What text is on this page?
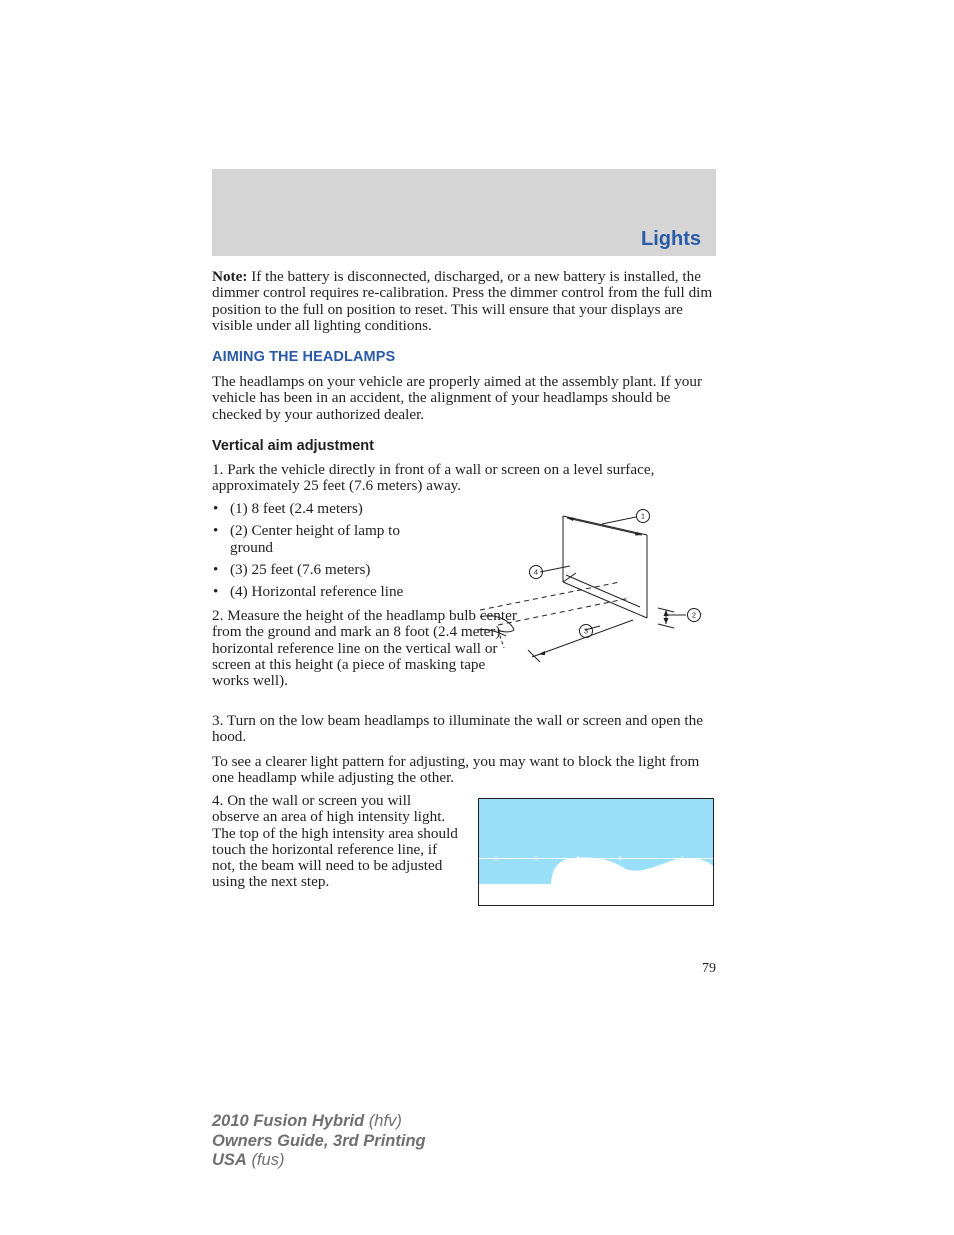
Lights
Note: If the battery is disconnected, discharged, or a new battery is installed, the dimmer control requires re-calibration. Press the dimmer control from the full dim position to the full on position to reset. This will ensure that your displays are visible under all lighting conditions.
AIMING THE HEADLAMPS
The headlamps on your vehicle are properly aimed at the assembly plant. If your vehicle has been in an accident, the alignment of your headlamps should be checked by your authorized dealer.
Vertical aim adjustment
1. Park the vehicle directly in front of a wall or screen on a level surface, approximately 25 feet (7.6 meters) away.
• (1) 8 feet (2.4 meters)
• (2) Center height of lamp to ground
• (3) 25 feet (7.6 meters)
• (4) Horizontal reference line
1
2
3
4
2. Measure the height of the headlamp bulb center from the ground and mark an 8 foot (2.4 meter) horizontal reference line on the vertical wall or screen at this height (a piece of masking tape works well).
3. Turn on the low beam headlamps to illuminate the wall or screen and open the hood.
To see a clearer light pattern for adjusting, you may want to block the light from one headlamp while adjusting the other.
4. On the wall or screen you will observe an area of high intensity light. The top of the high intensity area should touch the horizontal reference line, if not, the beam will need to be adjusted using the next step.
79
2010 Fusion Hybrid (hfv)
Owners Guide, 3rd Printing
USA (fus)
